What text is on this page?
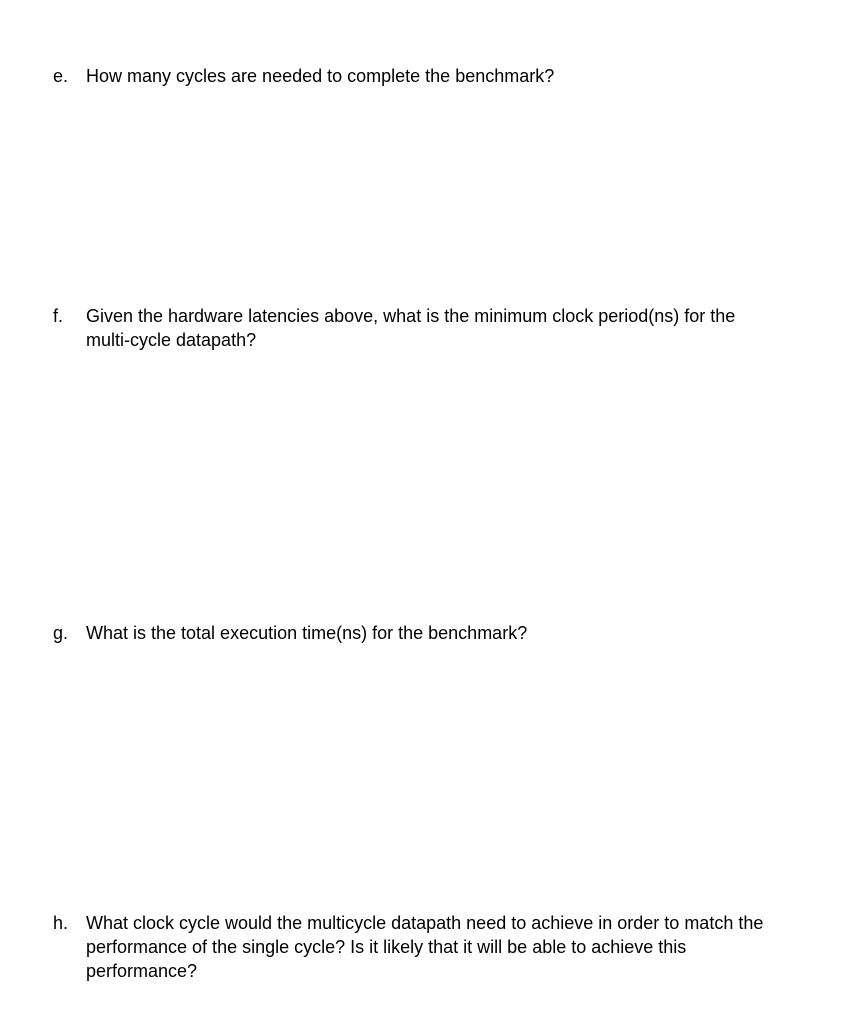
e. How many cycles are needed to complete the benchmark?
f. Given the hardware latencies above, what is the minimum clock period(ns) for the
multi-cycle datapath?
g. What is the total execution time(ns) for the benchmark?
h. What clock cycle would the multicycle datapath need to achieve in order to match the
performance of the single cycle? Is it likely that it will be able to achieve this
performance?
